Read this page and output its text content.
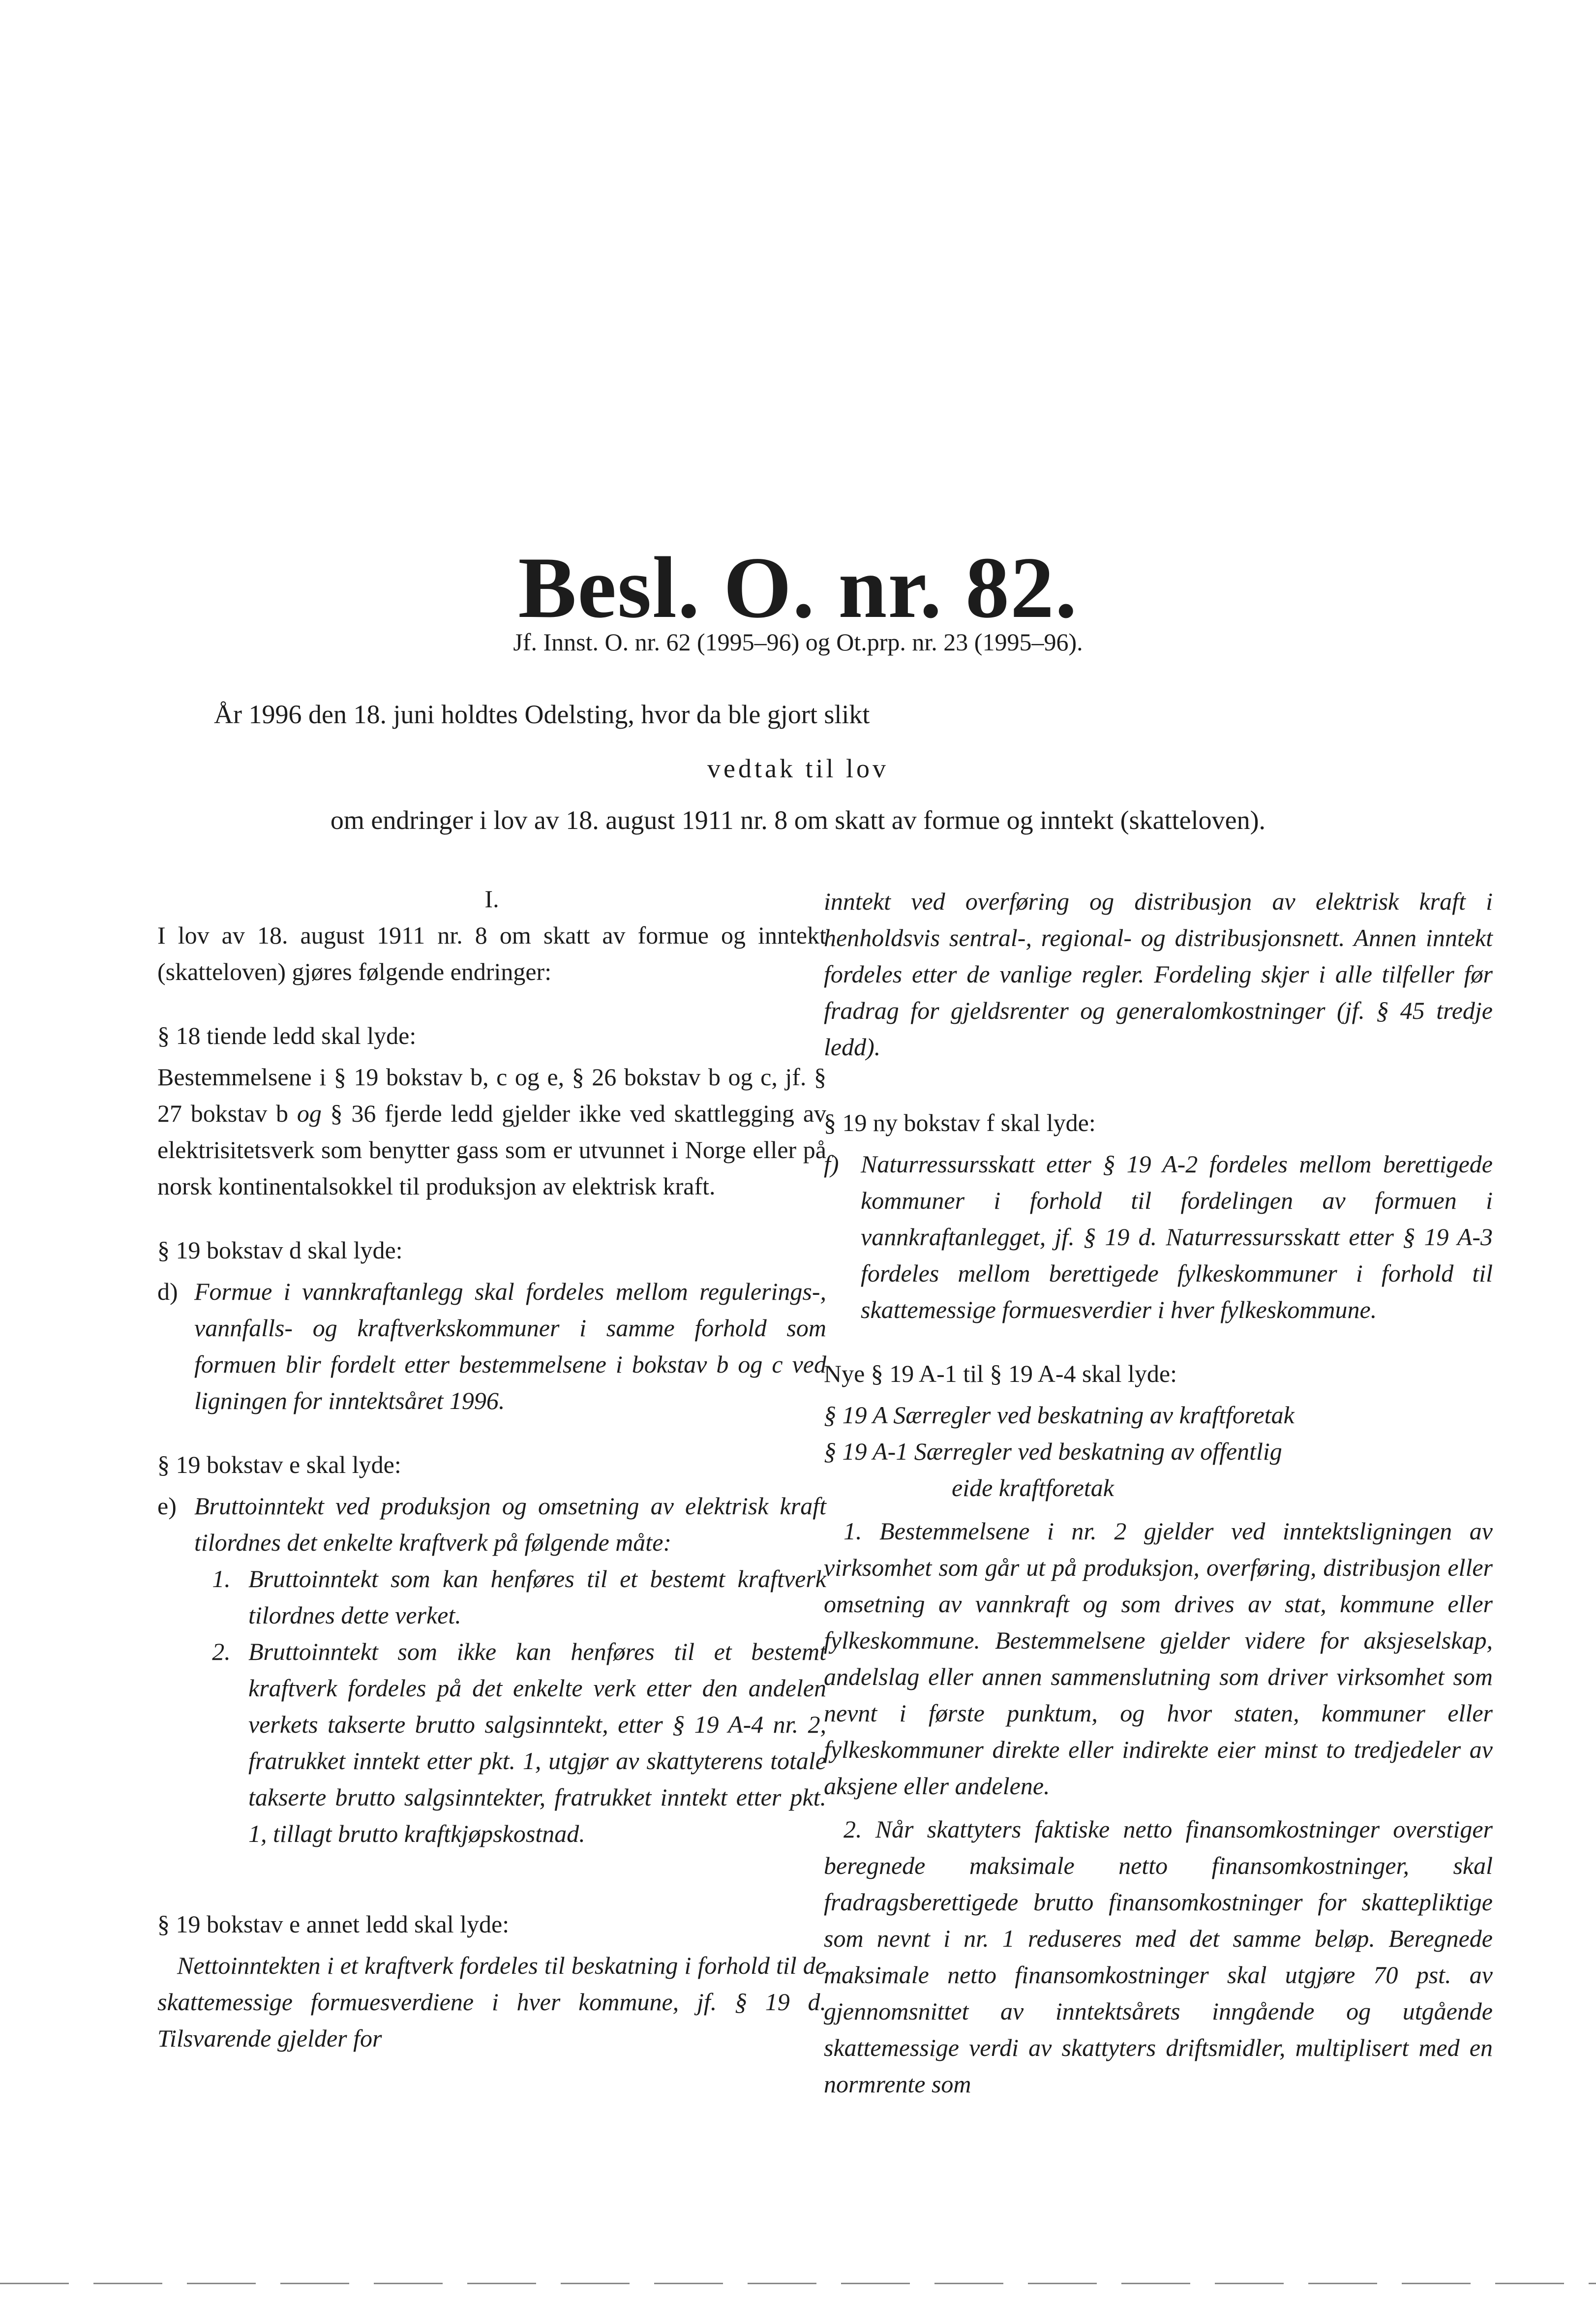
Besl. O. nr. 82.
Jf. Innst. O. nr. 62 (1995–96) og Ot.prp. nr. 23 (1995–96).
År 1996 den 18. juni holdtes Odelsting, hvor da ble gjort slikt
vedtak til lov
om endringer i lov av 18. august 1911 nr. 8 om skatt av formue og inntekt (skatteloven).
I.
I lov av 18. august 1911 nr. 8 om skatt av formue og inntekt (skatteloven) gjøres følgende endringer:
§ 18 tiende ledd skal lyde:
Bestemmelsene i § 19 bokstav b, c og e, § 26 bokstav b og c, jf. § 27 bokstav b og § 36 fjerde ledd gjelder ikke ved skattlegging av elektrisitetsverk som benytter gass som er utvunnet i Norge eller på norsk kontinentalsokkel til produksjon av elektrisk kraft.
§ 19 bokstav d skal lyde:
d) Formue i vannkraftanlegg skal fordeles mellom regulerings-, vannfalls- og kraftverkskommuner i samme forhold som formuen blir fordelt etter bestemmelsene i bokstav b og c ved ligningen for inntektsåret 1996.
§ 19 bokstav e skal lyde:
e) Bruttoinntekt ved produksjon og omsetning av elektrisk kraft tilordnes det enkelte kraftverk på følgende måte:
1. Bruttoinntekt som kan henføres til et bestemt kraftverk tilordnes dette verket.
2. Bruttoinntekt som ikke kan henføres til et bestemt kraftverk fordeles på det enkelte verk etter den andelen verkets takserte brutto salgsinntekt, etter § 19 A-4 nr. 2, fratrukket inntekt etter pkt. 1, utgjør av skattyterens totale takserte brutto salgsinntekter, fratrukket inntekt etter pkt. 1, tillagt brutto kraftkjøpskostnad.
§ 19 bokstav e annet ledd skal lyde:
Nettoinntekten i et kraftverk fordeles til beskatning i forhold til de skattemessige formuesverdiene i hver kommune, jf. § 19 d. Tilsvarende gjelder for
inntekt ved overføring og distribusjon av elektrisk kraft i henholdsvis sentral-, regional- og distribusjonsnett. Annen inntekt fordeles etter de vanlige regler. Fordeling skjer i alle tilfeller før fradrag for gjeldsrenter og generalomkostninger (jf. § 45 tredje ledd).
§ 19 ny bokstav f skal lyde:
f) Naturressursskatt etter § 19 A-2 fordeles mellom berettigede kommuner i forhold til fordelingen av formuen i vannkraftanlegget, jf. § 19 d. Naturressursskatt etter § 19 A-3 fordeles mellom berettigede fylkeskommuner i forhold til skattemessige formuesverdier i hver fylkeskommune.
Nye § 19 A-1 til § 19 A-4 skal lyde:
§ 19 A Særregler ved beskatning av kraftforetak
§ 19 A-1 Særregler ved beskatning av offentlig
eide kraftforetak
1. Bestemmelsene i nr. 2 gjelder ved inntektsligningen av virksomhet som går ut på produksjon, overføring, distribusjon eller omsetning av vannkraft og som drives av stat, kommune eller fylkeskommune. Bestemmelsene gjelder videre for aksjeselskap, andelslag eller annen sammenslutning som driver virksomhet som nevnt i første punktum, og hvor staten, kommuner eller fylkeskommuner direkte eller indirekte eier minst to tredjedeler av aksjene eller andelene.
2. Når skattyters faktiske netto finansomkostninger overstiger beregnede maksimale netto finansomkostninger, skal fradragsberettigede brutto finansomkostninger for skattepliktige som nevnt i nr. 1 reduseres med det samme beløp. Beregnede maksimale netto finansomkostninger skal utgjøre 70 pst. av gjennomsnittet av inntektsårets inngående og utgående skattemessige verdi av skattyters driftsmidler, multiplisert med en normrente som
